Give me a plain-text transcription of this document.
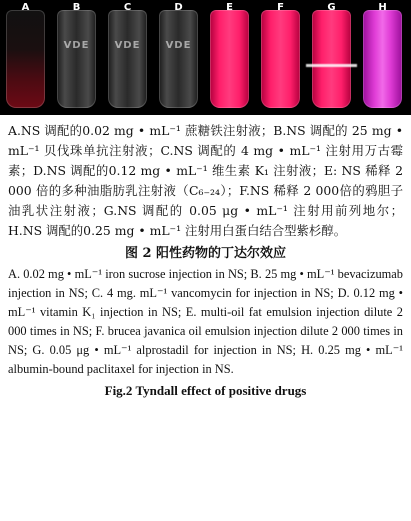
A
VDE
B
VDE
C
VDE
D	E	F	G	H
A.NS 调配的0.02 mg • mL⁻¹ 蔗糖铁注射液；B.NS 调配的 25 mg • mL⁻¹ 贝伐珠单抗注射液；C.NS 调配的 4 mg • mL⁻¹ 注射用万古霉素；D.NS 调配的0.12 mg • mL⁻¹ 维生素 K₁ 注射液；E: NS 稀释 2 000 倍的多种油脂肪乳注射液（C₆₋₂₄）；F.NS 稀释 2 000倍的鸦胆子油乳状注射液；G.NS 调配的 0.05 μg • mL⁻¹ 注射用前列地尔；H.NS 调配的0.25 mg • mL⁻¹ 注射用白蛋白结合型紫杉醇。
图 2 阳性药物的丁达尔效应
A. 0.02 mg • mL⁻¹ iron sucrose injection in NS; B. 25 mg • mL⁻¹ bevacizumab injection in NS; C. 4 mg. mL⁻¹ vancomycin for injection in NS; D. 0.12 mg • mL⁻¹ vitamin K₁ injection in NS; E. multi-oil fat emulsion injection dilute 2 000 times in NS; F. brucea javanica oil emulsion injection dilute 2 000 times in NS; G. 0.05 μg • mL⁻¹ alprostadil for injection in NS; H. 0.25 mg • mL⁻¹ albumin-bound paclitaxel for injection in NS.
Fig.2 Tyndall effect of positive drugs
